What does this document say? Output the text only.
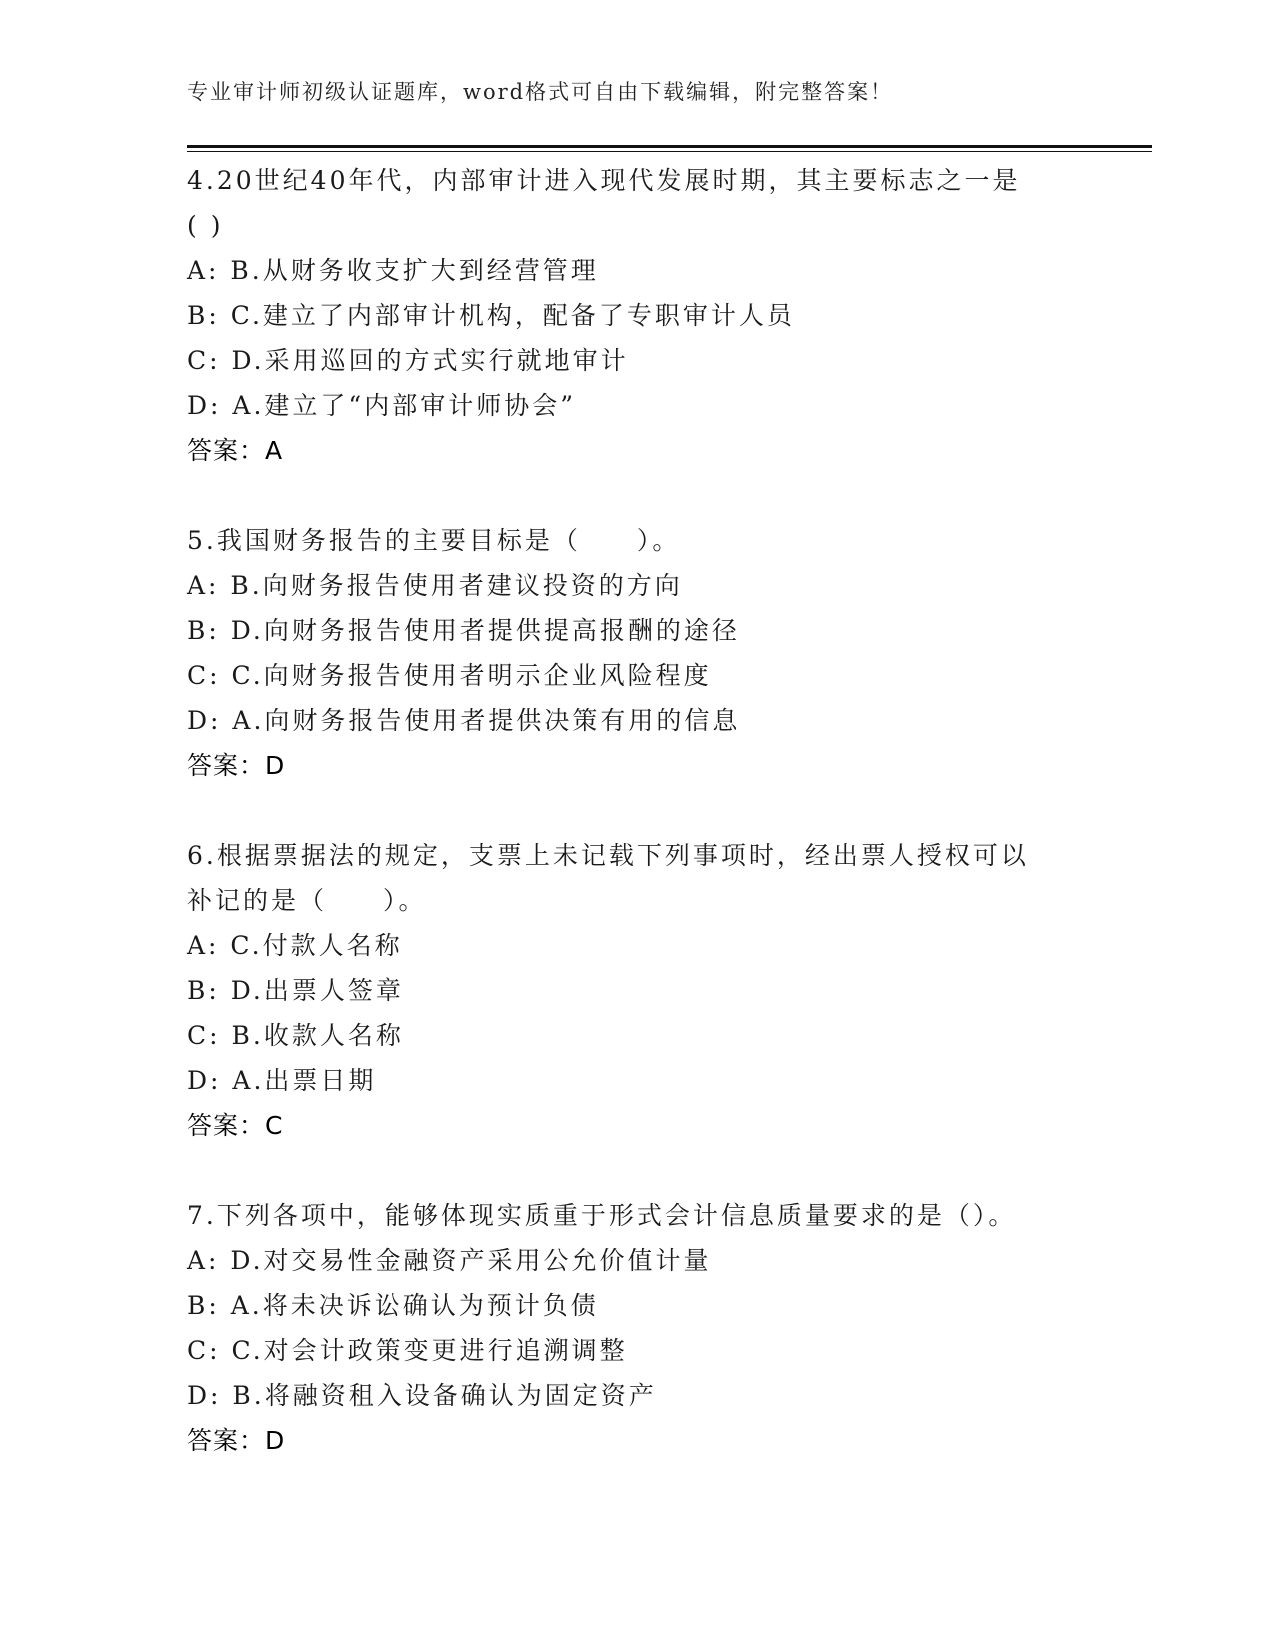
专业审计师初级认证题库，word格式可自由下载编辑，附完整答案！

4.20世纪40年代，内部审计进入现代发展时期，其主要标志之一是
( )

A: B.从财务收支扩大到经营管理

B: C.建立了内部审计机构，配备了专职审计人员

C: D.采用巡回的方式实行就地审计

D: A.建立了“内部审计师协会”

答案：A

5.我国财务报告的主要目标是（　　）。

A: B.向财务报告使用者建议投资的方向

B: D.向财务报告使用者提供提高报酬的途径

C: C.向财务报告使用者明示企业风险程度

D: A.向财务报告使用者提供决策有用的信息

答案：D

6.根据票据法的规定，支票上未记载下列事项时，经出票人授权可以
补记的是（　　）。

A: C.付款人名称

B: D.出票人签章

C: B.收款人名称

D: A.出票日期

答案：C

7.下列各项中，能够体现实质重于形式会计信息质量要求的是（）。

A: D.对交易性金融资产采用公允价值计量

B: A.将未决诉讼确认为预计负债

C: C.对会计政策变更进行追溯调整

D: B.将融资租入设备确认为固定资产

答案：D
